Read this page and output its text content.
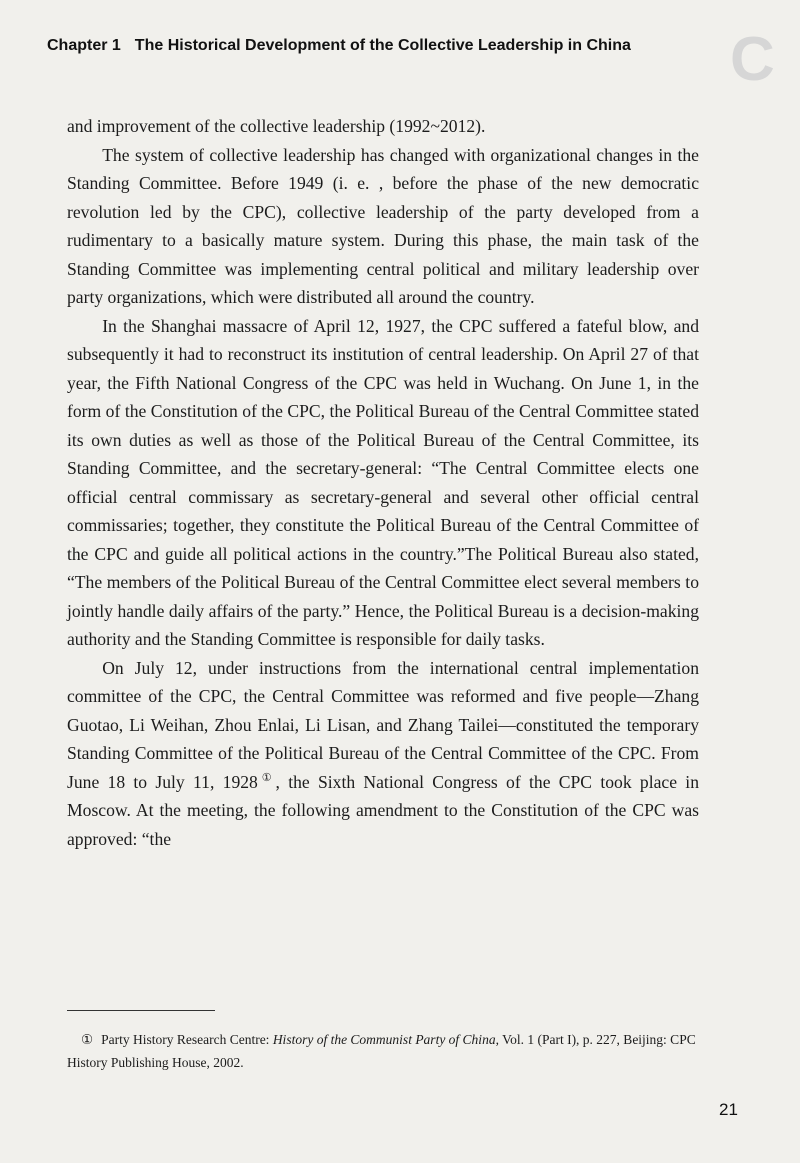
Chapter 1 The Historical Development of the Collective Leadership in China C

and improvement of the collective leadership (1992~2012).

The system of collective leadership has changed with organizational changes in the Standing Committee. Before 1949 (i. e. , before the phase of the new democratic revolution led by the CPC), collective leadership of the party developed from a rudimentary to a basically mature system. During this phase, the main task of the Standing Committee was implementing central political and military leadership over party organizations, which were distributed all around the country.

In the Shanghai massacre of April 12, 1927, the CPC suffered a fateful blow, and subsequently it had to reconstruct its institution of central leadership. On April 27 of that year, the Fifth National Congress of the CPC was held in Wuchang. On June 1, in the form of the Constitution of the CPC, the Political Bureau of the Central Committee stated its own duties as well as those of the Political Bureau of the Central Committee, its Standing Committee, and the secretary-general: “The Central Committee elects one official central commissary as secretary-general and several other official central commissaries; together, they constitute the Political Bureau of the Central Committee of the CPC and guide all political actions in the country.”The Political Bureau also stated, “The members of the Political Bureau of the Central Committee elect several members to jointly handle daily affairs of the party.” Hence, the Political Bureau is a decision-making authority and the Standing Committee is responsible for daily tasks.

On July 12, under instructions from the international central implementation committee of the CPC, the Central Committee was reformed and five people—Zhang Guotao, Li Weihan, Zhou Enlai, Li Lisan, and Zhang Tailei—constituted the temporary Standing Committee of the Political Bureau of the Central Committee of the CPC. From June 18 to July 11, 1928①, the Sixth National Congress of the CPC took place in Moscow. At the meeting, the following amendment to the Constitution of the CPC was approved: “the

① Party History Research Centre: History of the Communist Party of China, Vol. 1 (Part I), p. 227, Beijing: CPC History Publishing House, 2002.
21
